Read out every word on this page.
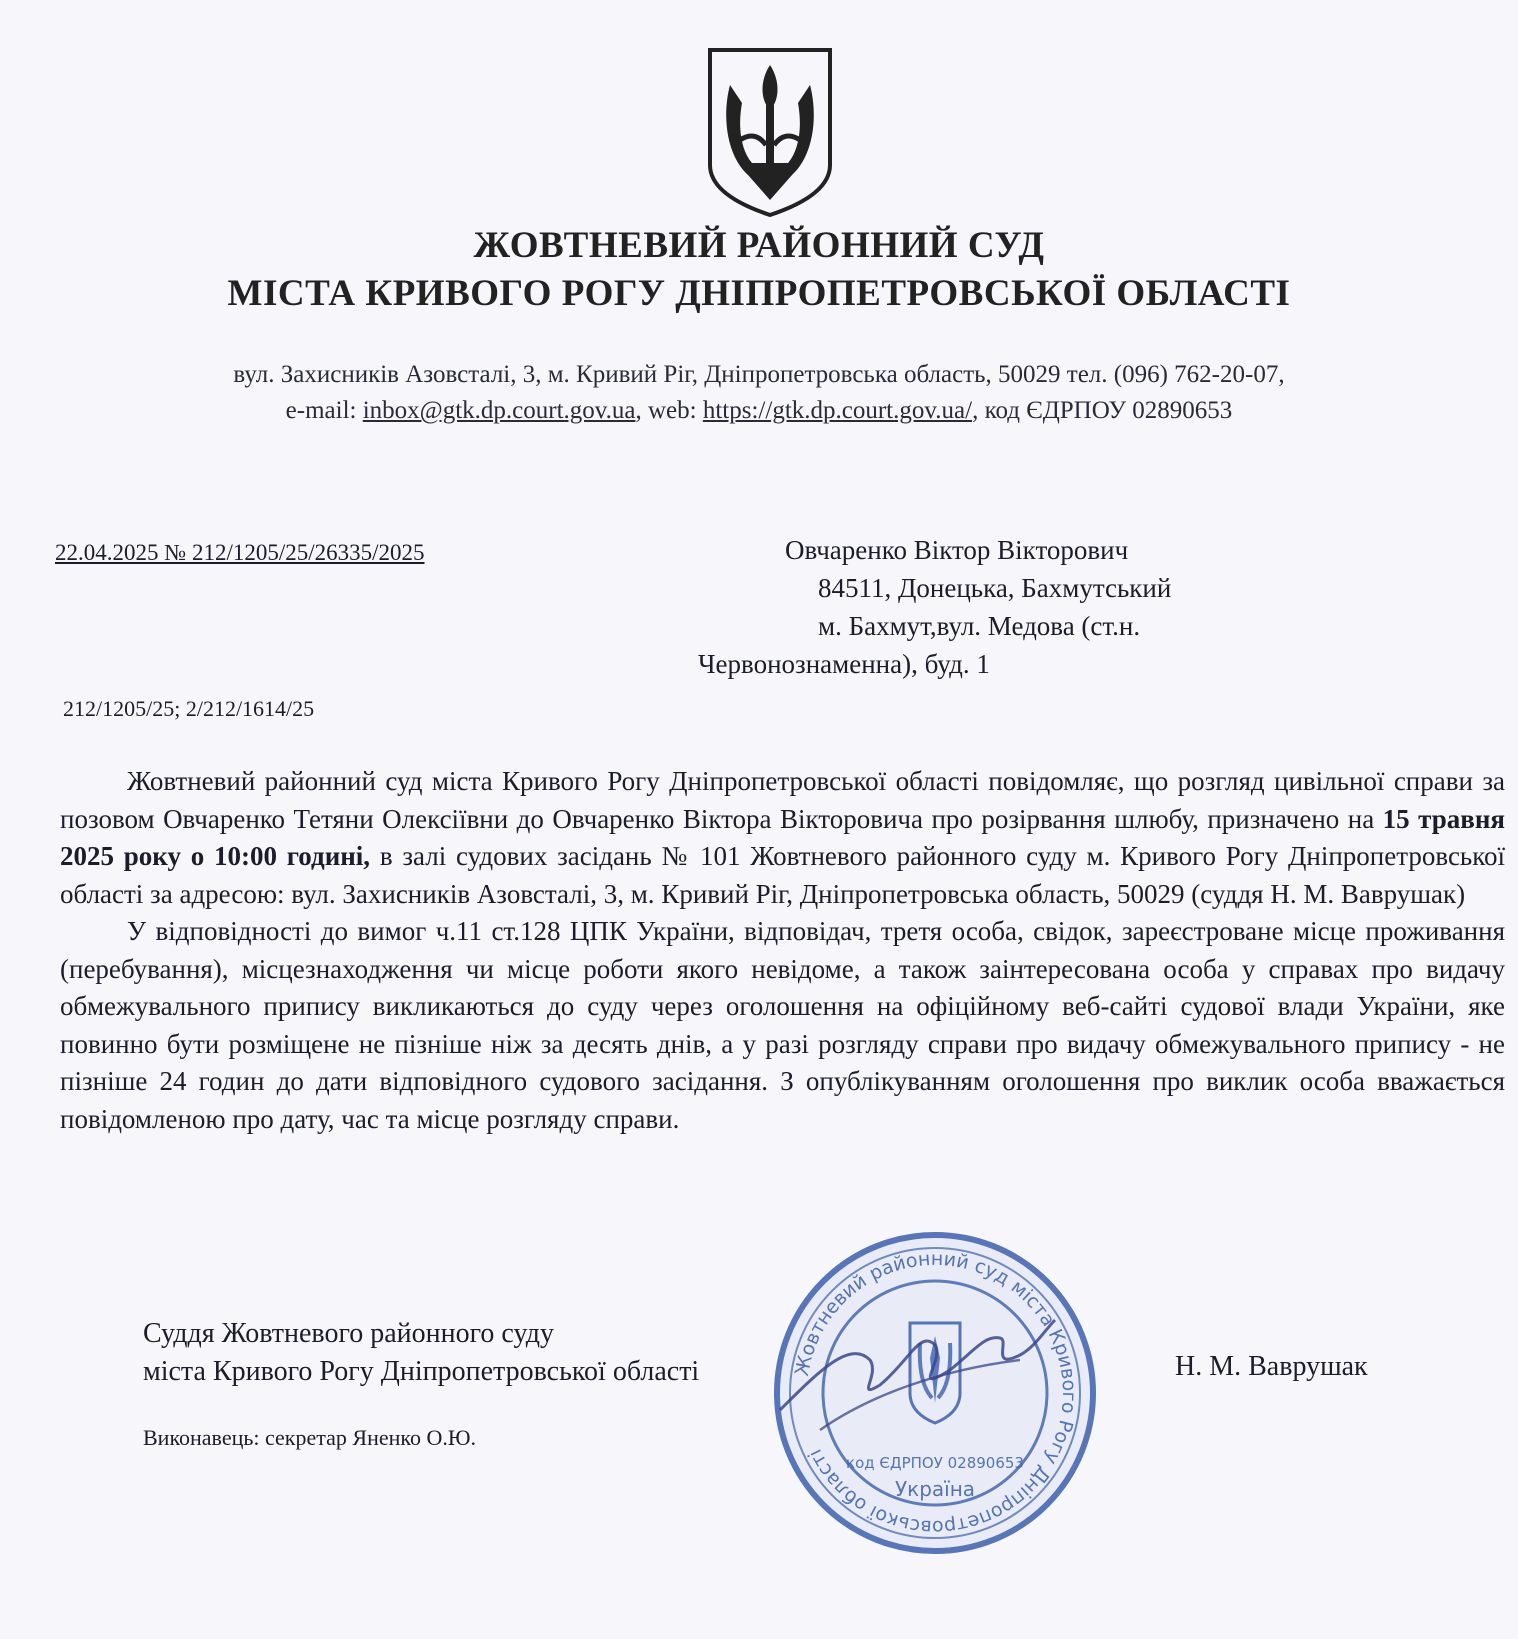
ЖОВТНЕВИЙ РАЙОННИЙ СУД
МІСТА КРИВОГО РОГУ ДНІПРОПЕТРОВСЬКОЇ ОБЛАСТІ
вул. Захисників Азовсталі, 3, м. Кривий Ріг, Дніпропетровська область, 50029 тел. (096) 762-20-07,
e-mail: inbox@gtk.dp.court.gov.ua, web: https://gtk.dp.court.gov.ua/, код ЄДРПОУ 02890653
22.04.2025 № 212/1205/25/26335/2025	Овчаренко Віктор Вікторович
84511, Донецька, Бахмутський
м. Бахмут,вул. Медова (ст.н.
Червонознаменна), буд. 1
212/1205/25; 2/212/1614/25

Жовтневий районний суд міста Кривого Рогу Дніпропетровської області повідомляє, що розгляд цивільної справи за позовом Овчаренко Тетяни Олексіївни до Овчаренко Віктора Вікторовича про розірвання шлюбу, призначено на 15 травня 2025 року о 10:00 годині, в залі судових засідань № 101 Жовтневого районного суду м. Кривого Рогу Дніпропетровської області за адресою: вул. Захисників Азовсталі, 3, м. Кривий Ріг, Дніпропетровська область, 50029 (суддя Н. М. Ваврушак)

У відповідності до вимог ч.11 ст.128 ЦПК України, відповідач, третя особа, свідок, зареєстроване місце проживання (перебування), місцезнаходження чи місце роботи якого невідоме, а також заінтересована особа у справах про видачу обмежувального припису викликаються до суду через оголошення на офіційному веб-сайті судової влади України, яке повинно бути розміщене не пізніше ніж за десять днів, а у разі розгляду справи про видачу обмежувального припису - не пізніше 24 годин до дати відповідного судового засідання. З опублікуванням оголошення про виклик особа вважається повідомленою про дату, час та місце розгляду справи.

Жовтневий районний суд міста Кривого Рогу Дніпропетровської області
код ЄДРПОУ 02890653
Україна
Суддя Жовтневого районного суду
міста Кривого Рогу Дніпропетровської області	Н. М. Ваврушак
Виконавець: секретар Яненко О.Ю.
